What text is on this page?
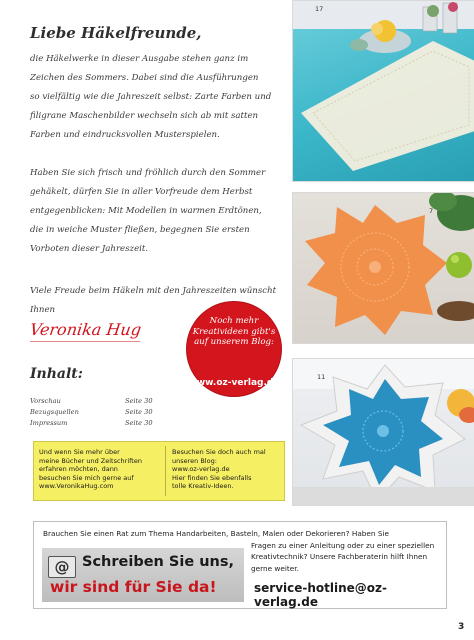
Liebe Häkelfreunde,
die Häkelwerke in dieser Ausgabe stehen ganz im
Zeichen des Sommers. Dabei sind die Ausführungen
so vielfältig wie die Jahreszeit selbst: Zarte Farben und
filigrane Maschenbilder wechseln sich ab mit satten
Farben und eindrucksvollen Musterspielen.
Haben Sie sich frisch und fröhlich durch den Sommer
gehäkelt, dürfen Sie in aller Vorfreude dem Herbst
entgegenblicken: Mit Modellen in warmen Erdtönen,
die in weiche Muster fließen, begegnen Sie ersten
Vorboten dieser Jahreszeit.
Viele Freude beim Häkeln mit den Jahreszeiten wünscht
Ihnen
Veronika Hug	Noch mehr
Kreativideen gibt's
auf unserem Blog:
www.oz-verlag.de
Inhalt:
Vorschau	Seite 30
Bezugsquellen	Seite 30
Impressum	Seite 30
Und wenn Sie mehr über
meine Bücher und Zeitschriften
erfahren möchten, dann
besuchen Sie mich gerne auf
www.VeronikaHug.com
Besuchen Sie doch auch mal
unseren Blog:
www.oz-verlag.de
Hier finden Sie ebenfalls
tolle Kreativ-Ideen.
17
7
11
Brauchen Sie einen Rat zum Thema Handarbeiten, Basteln, Malen oder Dekorieren? Haben Sie
Fragen zu einer Anleitung oder zu einer speziellen
Kreativtechnik? Unsere Fachberaterin hilft Ihnen
gerne weiter.
@ Schreiben Sie uns,
wir sind für Sie da!	service-hotline@oz-verlag.de
3
